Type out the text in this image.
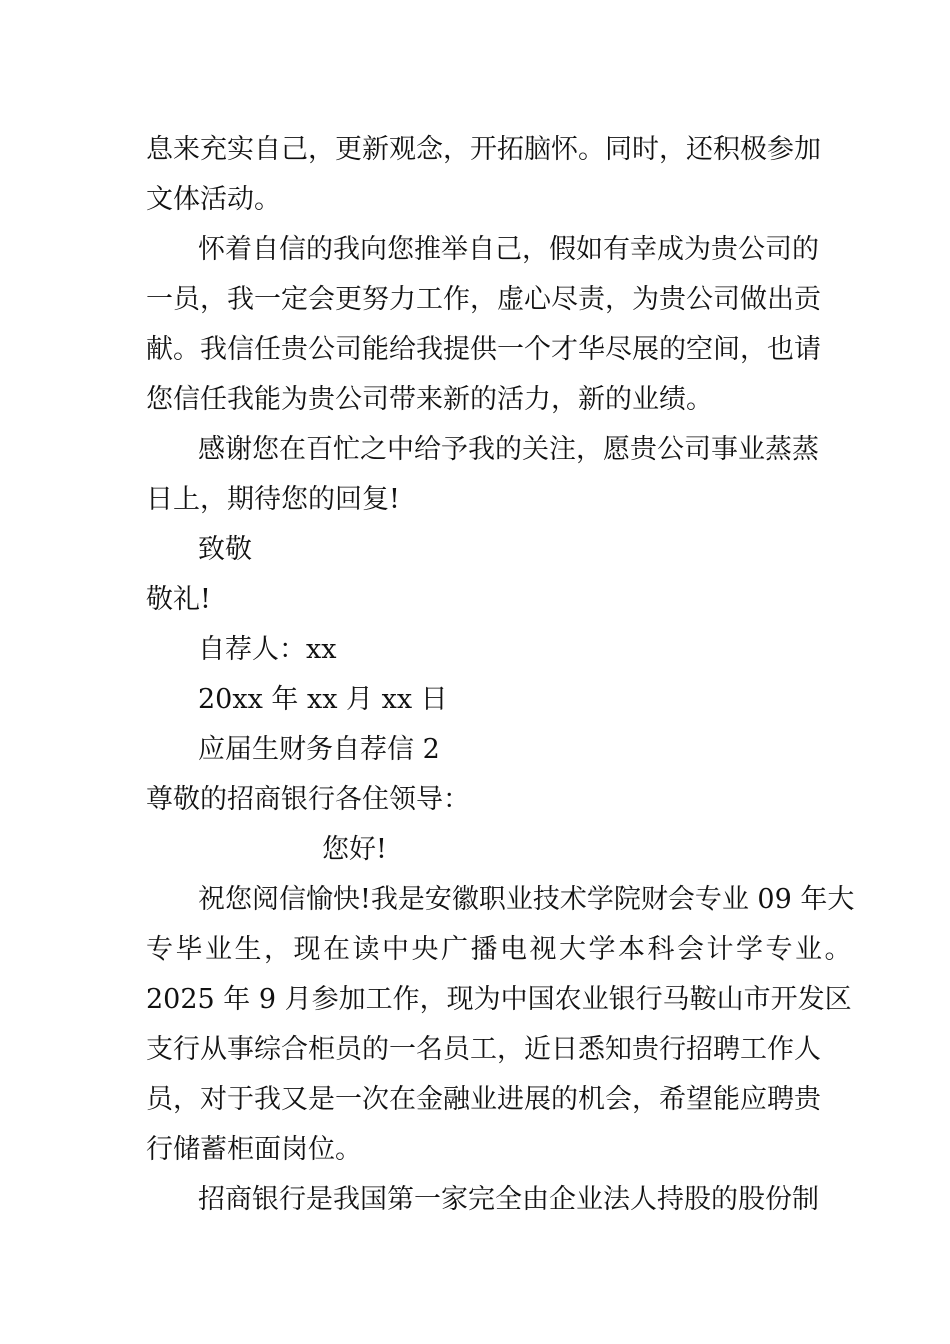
息来充实自己，更新观念，开拓脑怀。同时，还积极参加
文体活动。
怀着自信的我向您推举自己，假如有幸成为贵公司的
一员，我一定会更努力工作，虚心尽责，为贵公司做出贡
献。我信任贵公司能给我提供一个才华尽展的空间，也请
您信任我能为贵公司带来新的活力，新的业绩。
感谢您在百忙之中给予我的关注，愿贵公司事业蒸蒸
日上，期待您的回复!
致敬
敬礼!
自荐人：xx
20xx 年 xx 月 xx 日
应届生财务自荐信 2
尊敬的招商银行各住领导：
您好!
祝您阅信愉快!我是安徽职业技术学院财会专业 09 年大
专毕业生，现在读中央广播电视大学本科会计学专业。
2025 年 9 月参加工作，现为中国农业银行马鞍山市开发区
支行从事综合柜员的一名员工，近日悉知贵行招聘工作人
员，对于我又是一次在金融业进展的机会，希望能应聘贵
行储蓄柜面岗位。
招商银行是我国第一家完全由企业法人持股的股份制
